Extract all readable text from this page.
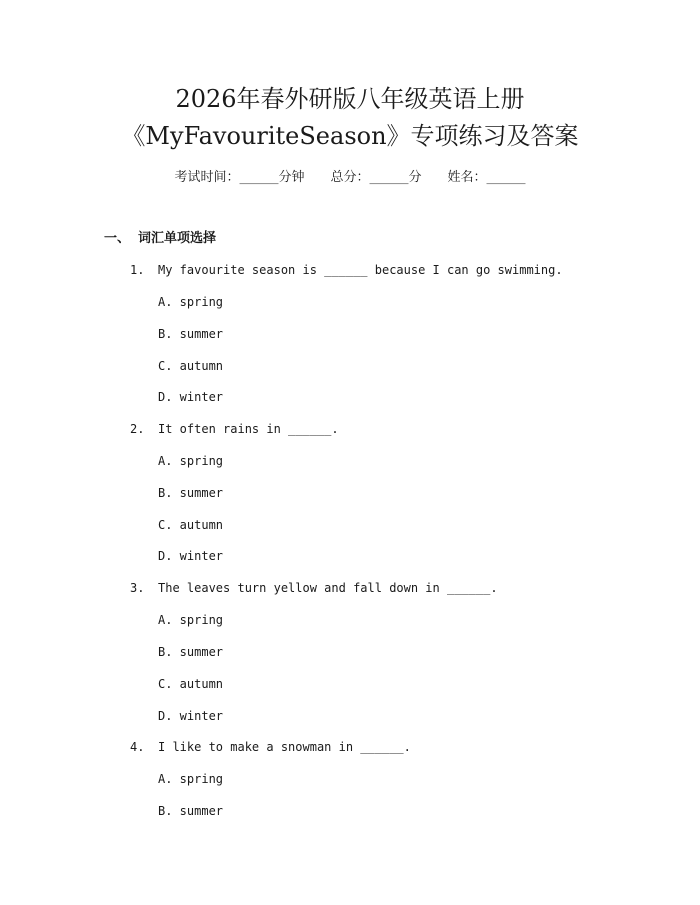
2026年春外研版八年级英语上册
《MyFavouriteSeason》专项练习及答案
考试时间：______分钟 总分：______分 姓名：______
一、 词汇单项选择
1. My favourite season is ______ because I can go swimming.
A. spring
B. summer
C. autumn
D. winter
2. It often rains in ______.
A. spring
B. summer
C. autumn
D. winter
3. The leaves turn yellow and fall down in ______.
A. spring
B. summer
C. autumn
D. winter
4. I like to make a snowman in ______.
A. spring
B. summer
